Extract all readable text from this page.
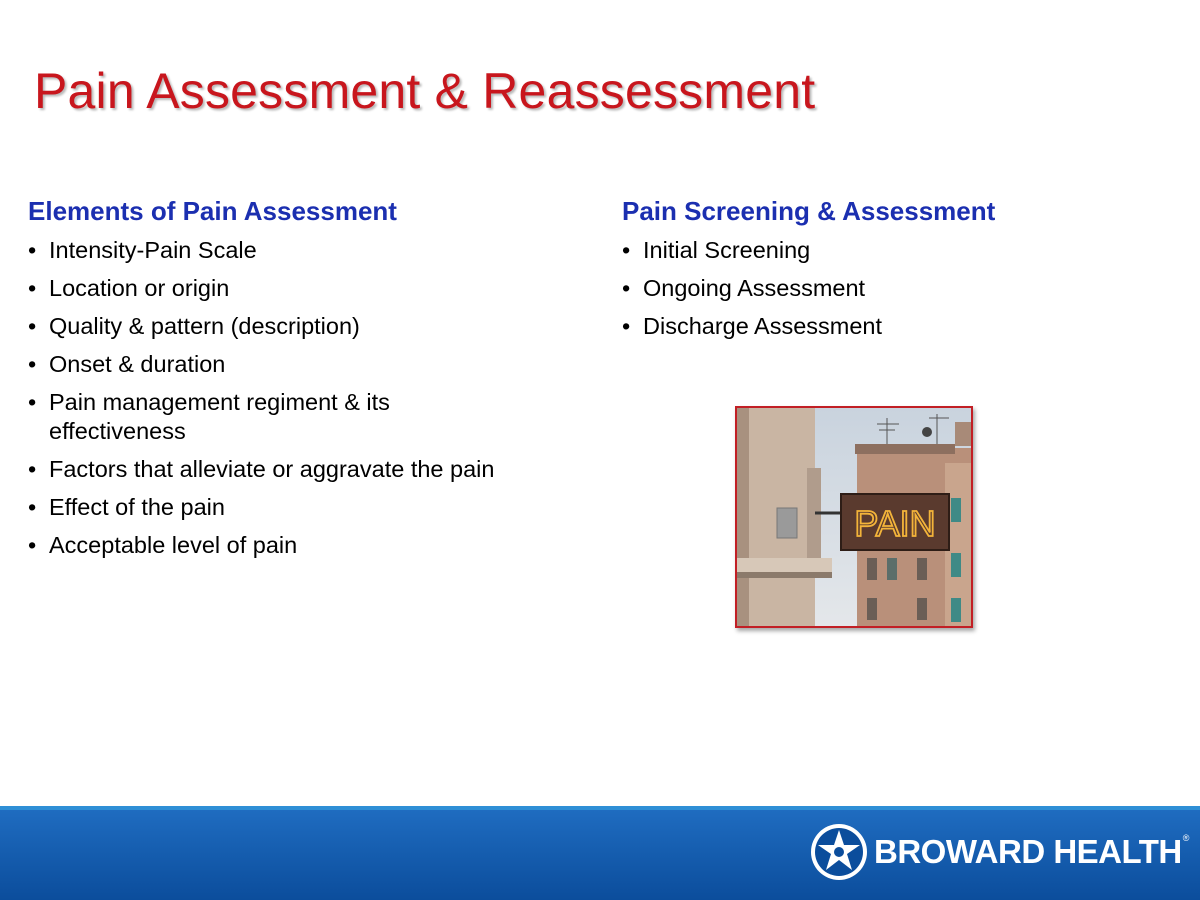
Pain Assessment & Reassessment
Elements of Pain Assessment
• Intensity-Pain Scale
• Location or origin
• Quality & pattern (description)
• Onset & duration
• Pain management regiment & its effectiveness
• Factors that alleviate or aggravate the pain
• Effect of the pain
• Acceptable level of pain
Pain Screening & Assessment
• Initial Screening
• Ongoing Assessment
• Discharge Assessment
PAIN
BROWARD HEALTH ®
